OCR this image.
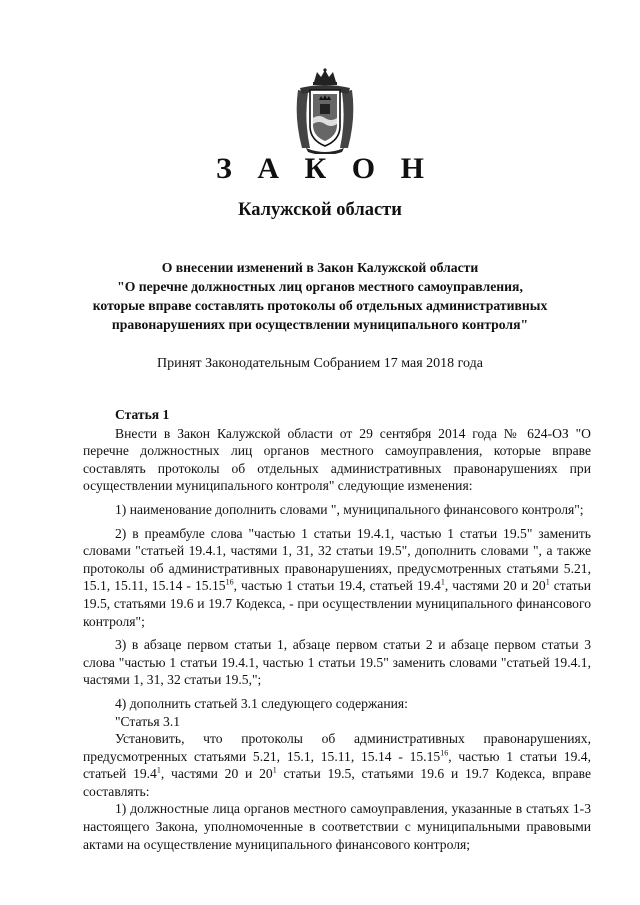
З А К О Н
Калужской области
О внесении изменений в Закон Калужской области
"О перечне должностных лиц органов местного самоуправления,
которые вправе составлять протоколы об отдельных административных
правонарушениях при осуществлении муниципального контроля"

Принят Законодательным Собранием 17 мая 2018 года

Статья 1

Внести в Закон Калужской области от 29 сентября 2014 года № 624-ОЗ "О перечне должностных лиц органов местного самоуправления, которые вправе составлять протоколы об отдельных административных правонарушениях при осуществлении муниципального контроля" следующие изменения:

1) наименование дополнить словами ", муниципального финансового контроля";

2) в преамбуле слова "частью 1 статьи 19.4.1, частью 1 статьи 19.5" заменить словами "статьей 19.4.1, частями 1, 31, 32 статьи 19.5", дополнить словами ", а также протоколы об административных правонарушениях, предусмотренных статьями 5.21, 15.1, 15.11, 15.14 - 15.15$^{16}$, частью 1 статьи 19.4, статьей 19.4$^1$, частями 20 и $20^1$ статьи 19.5, статьями 19.6 и 19.7 Кодекса, - при осуществлении муниципального финансового контроля";

3) в абзаце первом статьи 1, абзаце первом статьи 2 и абзаце первом статьи 3 слова "частью 1 статьи 19.4.1, частью 1 статьи 19.5" заменить словами "статьей 19.4.1, частями 1, 31, 32 статьи 19.5,";

4) дополнить статьей 3.1 следующего содержания:

"Статья 3.1

Установить, что протоколы об административных правонарушениях, предусмотренных статьями 5.21, 15.1, 15.11, 15.14 - 15.15$^{16}$, частью 1 статьи 19.4, статьей 19.4$^1$, частями 20 и $20^1$ статьи 19.5, статьями 19.6 и 19.7 Кодекса, вправе составлять:

1) должностные лица органов местного самоуправления, указанные в статьях 1-3 настоящего Закона, уполномоченные в соответствии с муниципальными правовыми актами на осуществление муниципального финансового контроля;
